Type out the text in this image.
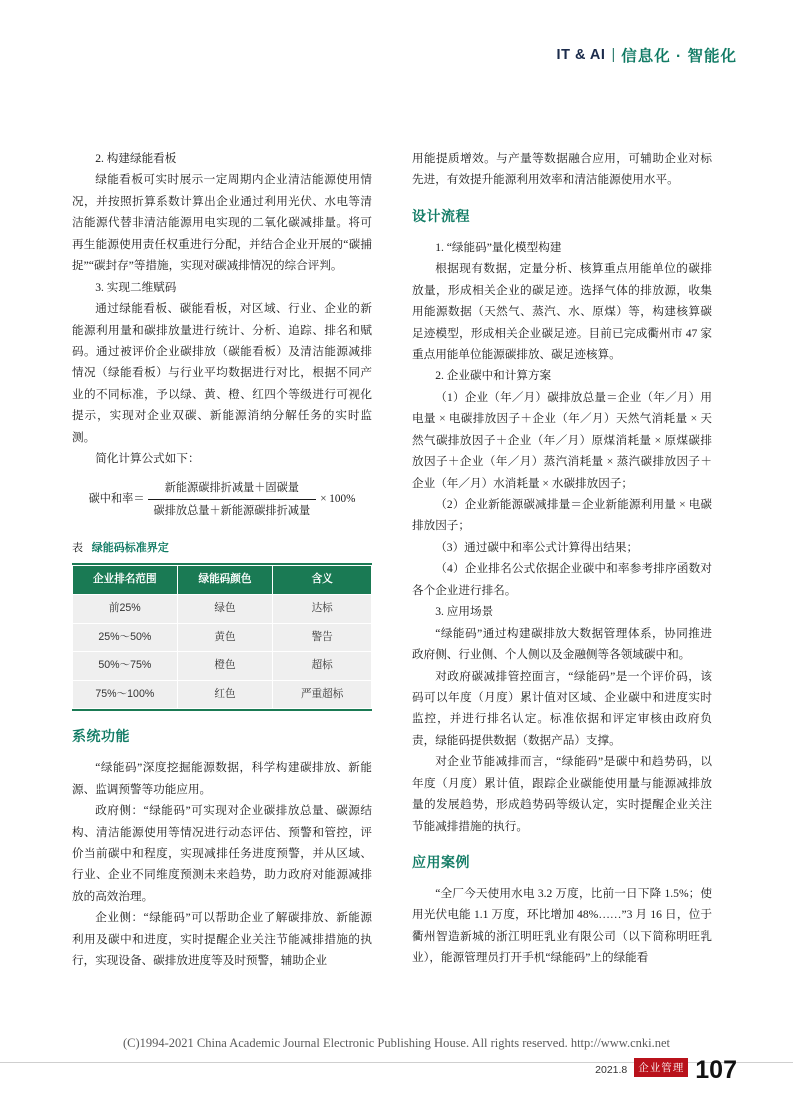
IT & AI | 信息化 · 智能化

2. 构建绿能看板

绿能看板可实时展示一定周期内企业清洁能源使用情况，并按照折算系数计算出企业通过利用光伏、水电等清洁能源代替非清洁能源用电实现的二氧化碳减排量。将可再生能源使用责任权重进行分配，并结合企业开展的“碳捕捉”“碳封存”等措施，实现对碳减排情况的综合评判。

3. 实现二维赋码

通过绿能看板、碳能看板，对区域、行业、企业的新能源利用量和碳排放量进行统计、分析、追踪、排名和赋码。通过被评价企业碳排放（碳能看板）及清洁能源减排情况（绿能看板）与行业平均数据进行对比，根据不同产业的不同标准，予以绿、黄、橙、红四个等级进行可视化提示，实现对企业双碳、新能源消纳分解任务的实时监测。

简化计算公式如下：

碳中和率＝ $\frac{\text{新能源碳排折减量＋固碳量}}{\text{碳排放总量＋新能源碳排折减量}} \times 100\%$
表 绿能码标准界定
企业排名范围	绿能码颜色	含义
前25%	绿色	达标
25%～50%	黄色	警告
50%～75%	橙色	超标
75%～100%	红色	严重超标
系统功能

“绿能码”深度挖掘能源数据，科学构建碳排放、新能源、监调预警等功能应用。

政府侧：“绿能码”可实现对企业碳排放总量、碳源结构、清洁能源使用等情况进行动态评估、预警和管控，评价当前碳中和程度，实现减排任务进度预警，并从区域、行业、企业不同维度预测未来趋势，助力政府对能源减排放的高效治理。

企业侧：“绿能码”可以帮助企业了解碳排放、新能源利用及碳中和进度，实时提醒企业关注节能减排措施的执行，实现设备、碳排放进度等及时预警，辅助企业

用能提质增效。与产量等数据融合应用，可辅助企业对标先进，有效提升能源利用效率和清洁能源使用水平。

设计流程

1. “绿能码”量化模型构建

根据现有数据，定量分析、核算重点用能单位的碳排放量，形成相关企业的碳足迹。选择气体的排放源，收集用能源数据（天然气、蒸汽、水、原煤）等，构建核算碳足迹模型，形成相关企业碳足迹。目前已完成衢州市 47 家重点用能单位能源碳排放、碳足迹核算。

2. 企业碳中和计算方案

（1）企业（年／月）碳排放总量＝企业（年／月）用电量 × 电碳排放因子＋企业（年／月）天然气消耗量 × 天然气碳排放因子＋企业（年／月）原煤消耗量 × 原煤碳排放因子＋企业（年／月）蒸汽消耗量 × 蒸汽碳排放因子＋企业（年／月）水消耗量 × 水碳排放因子；

（2）企业新能源碳减排量＝企业新能源利用量 × 电碳排放因子；

（3）通过碳中和率公式计算得出结果；

（4）企业排名公式依据企业碳中和率参考排序函数对各个企业进行排名。

3. 应用场景

“绿能码”通过构建碳排放大数据管理体系，协同推进政府侧、行业侧、个人侧以及金融侧等各领域碳中和。

对政府碳减排管控面言，“绿能码”是一个评价码，该码可以年度（月度）累计值对区域、企业碳中和进度实时监控，并进行排名认定。标准依据和评定审核由政府负责，绿能码提供数据（数据产品）支撑。

对企业节能减排而言，“绿能码”是碳中和趋势码，以年度（月度）累计值，跟踪企业碳能使用量与能源减排放量的发展趋势，形成趋势码等级认定，实时提醒企业关注节能减排措施的执行。

应用案例

“全厂今天使用水电 3.2 万度，比前一日下降 1.5%；使用光伏电能 1.1 万度，环比增加 48%……”3 月 16 日，位于衢州智造新城的浙江明旺乳业有限公司（以下简称明旺乳业），能源管理员打开手机“绿能码”上的绿能看

(C)1994-2021 China Academic Journal Electronic Publishing House. All rights reserved. http://www.cnki.net
2021.8	企业管理 107
